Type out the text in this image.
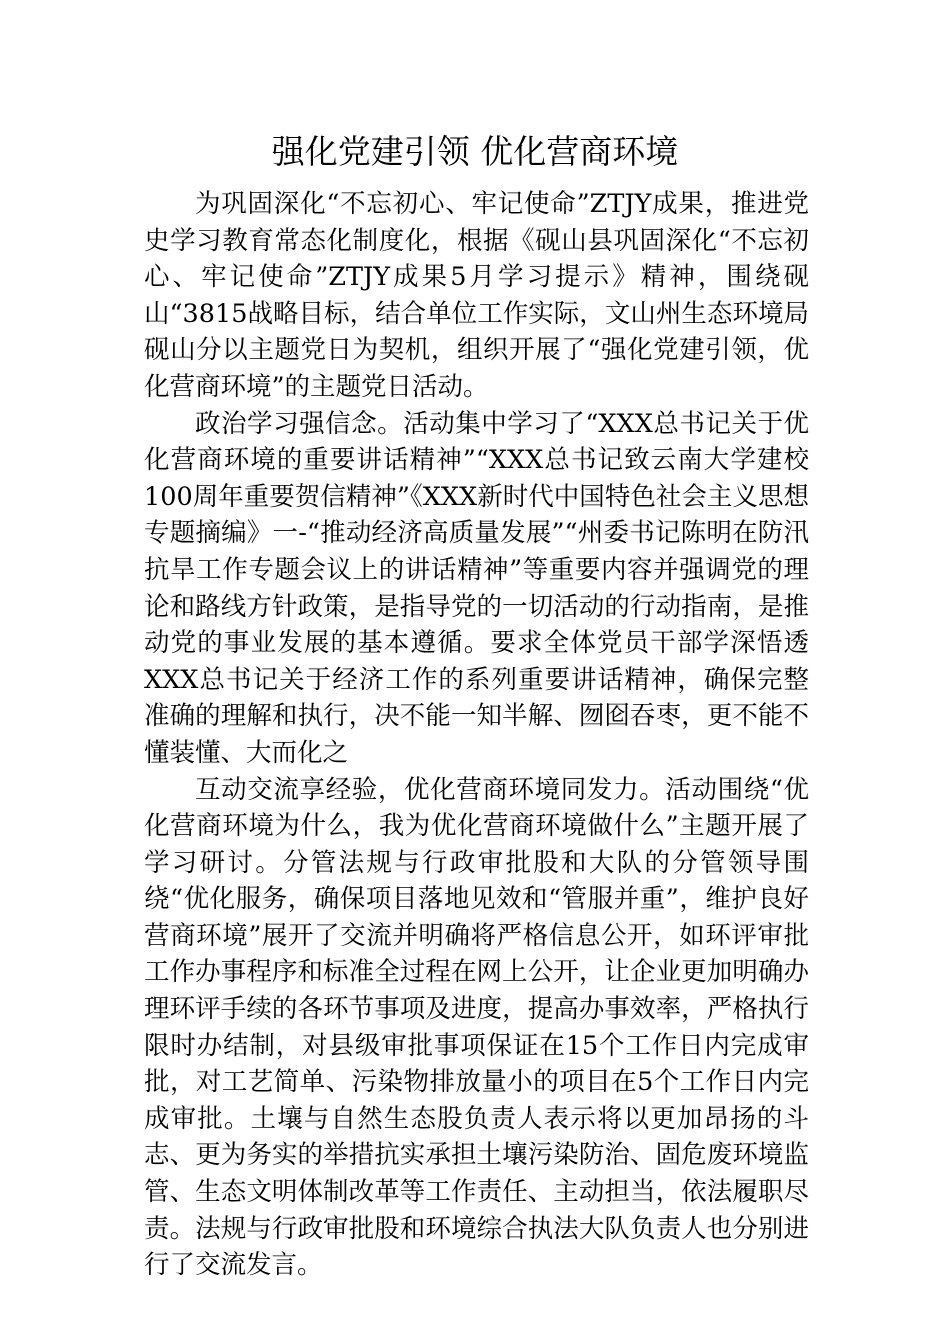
强化党建引领 优化营商环境

为巩固深化“不忘初心、牢记使命”ZTJY成果，推进党史学习教育常态化制度化，根据《砚山县巩固深化“不忘初心、牢记使命”ZTJY成果5月学习提示》精神，围绕砚山“3815战略目标，结合单位工作实际，文山州生态环境局砚山分以主题党日为契机，组织开展了“强化党建引领，优化营商环境”的主题党日活动。

政治学习强信念。活动集中学习了“XXX总书记关于优化营商环境的重要讲话精神”“XXX总书记致云南大学建校100周年重要贺信精神”《XXX新时代中国特色社会主义思想专题摘编》一-“推动经济高质量发展”“州委书记陈明在防汛抗旱工作专题会议上的讲话精神”等重要内容并强调党的理论和路线方针政策，是指导党的一切活动的行动指南，是推动党的事业发展的基本遵循。要求全体党员干部学深悟透XXX总书记关于经济工作的系列重要讲话精神，确保完整准确的理解和执行，决不能一知半解、囫囵吞枣，更不能不懂装懂、大而化之

互动交流享经验，优化营商环境同发力。活动围绕“优化营商环境为什么，我为优化营商环境做什么”主题开展了学习研讨。分管法规与行政审批股和大队的分管领导围绕“优化服务，确保项目落地见效和“管服并重”，维护良好营商环境”展开了交流并明确将严格信息公开，如环评审批工作办事程序和标准全过程在网上公开，让企业更加明确办理环评手续的各环节事项及进度，提高办事效率，严格执行限时办结制，对县级审批事项保证在15个工作日内完成审批，对工艺简单、污染物排放量小的项目在5个工作日内完成审批。土壤与自然生态股负责人表示将以更加昂扬的斗志、更为务实的举措抗实承担土壤污染防治、固危废环境监管、生态文明体制改革等工作责任、主动担当，依法履职尽责。法规与行政审批股和环境综合执法大队负责人也分别进行了交流发言。
